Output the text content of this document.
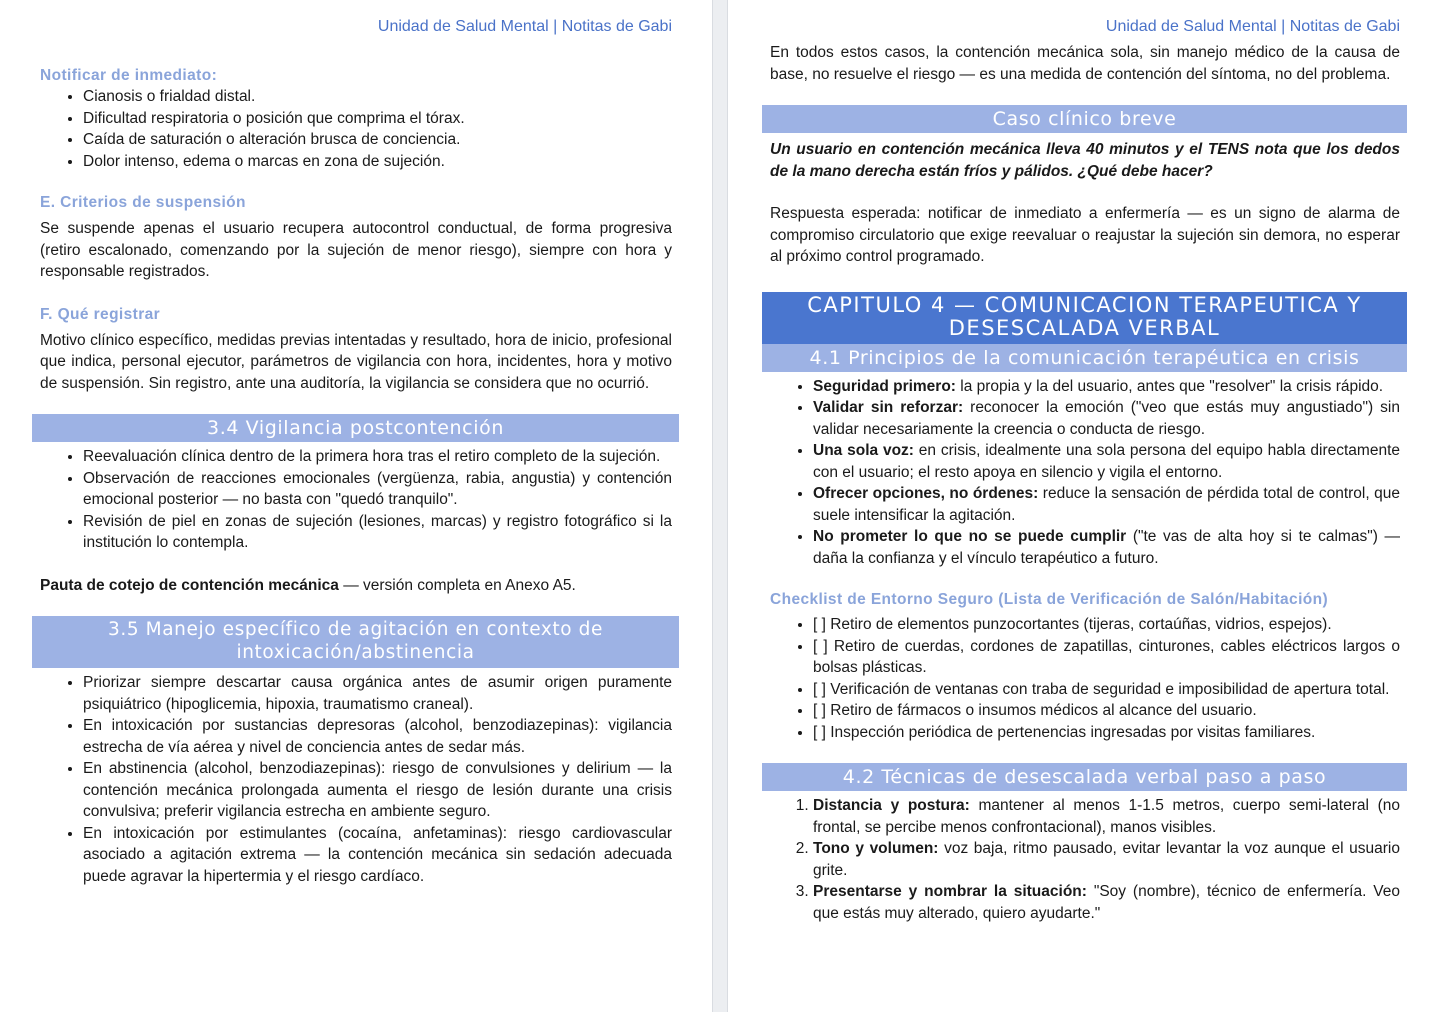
Unidad de Salud Mental | Notitas de Gabi
Notificar de inmediato:
• Cianosis o frialdad distal.
• Dificultad respiratoria o posición que comprima el tórax.
• Caída de saturación o alteración brusca de conciencia.
• Dolor intenso, edema o marcas en zona de sujeción.
E. Criterios de suspensión

Se suspende apenas el usuario recupera autocontrol conductual, de forma progresiva (retiro escalonado, comenzando por la sujeción de menor riesgo), siempre con hora y responsable registrados.

F. Qué registrar

Motivo clínico específico, medidas previas intentadas y resultado, hora de inicio, profesional que indica, personal ejecutor, parámetros de vigilancia con hora, incidentes, hora y motivo de suspensión. Sin registro, ante una auditoría, la vigilancia se considera que no ocurrió.

3.4 Vigilancia postcontención
• Reevaluación clínica dentro de la primera hora tras el retiro completo de la sujeción.
• Observación de reacciones emocionales (vergüenza, rabia, angustia) y contención emocional posterior — no basta con "quedó tranquilo".
• Revisión de piel en zonas de sujeción (lesiones, marcas) y registro fotográfico si la institución lo contempla.

Pauta de cotejo de contención mecánica — versión completa en Anexo A5.

3.5 Manejo específico de agitación en contexto de
intoxicación/abstinencia
• Priorizar siempre descartar causa orgánica antes de asumir origen puramente psiquiátrico (hipoglicemia, hipoxia, traumatismo craneal).
• En intoxicación por sustancias depresoras (alcohol, benzodiazepinas): vigilancia estrecha de vía aérea y nivel de conciencia antes de sedar más.
• En abstinencia (alcohol, benzodiazepinas): riesgo de convulsiones y delirium — la contención mecánica prolongada aumenta el riesgo de lesión durante una crisis convulsiva; preferir vigilancia estrecha en ambiente seguro.
• En intoxicación por estimulantes (cocaína, anfetaminas): riesgo cardiovascular asociado a agitación extrema — la contención mecánica sin sedación adecuada puede agravar la hipertermia y el riesgo cardíaco.
Unidad de Salud Mental | Notitas de Gabi

En todos estos casos, la contención mecánica sola, sin manejo médico de la causa de base, no resuelve el riesgo — es una medida de contención del síntoma, no del problema.

Caso clínico breve

Un usuario en contención mecánica lleva 40 minutos y el TENS nota que los dedos de la mano derecha están fríos y pálidos. ¿Qué debe hacer?

Respuesta esperada: notificar de inmediato a enfermería — es un signo de alarma de compromiso circulatorio que exige reevaluar o reajustar la sujeción sin demora, no esperar al próximo control programado.

CAPITULO 4 — COMUNICACION TERAPEUTICA Y
DESESCALADA VERBAL
4.1 Principios de la comunicación terapéutica en crisis
• Seguridad primero: la propia y la del usuario, antes que "resolver" la crisis rápido.
• Validar sin reforzar: reconocer la emoción ("veo que estás muy angustiado") sin validar necesariamente la creencia o conducta de riesgo.
• Una sola voz: en crisis, idealmente una sola persona del equipo habla directamente con el usuario; el resto apoya en silencio y vigila el entorno.
• Ofrecer opciones, no órdenes: reduce la sensación de pérdida total de control, que suele intensificar la agitación.
• No prometer lo que no se puede cumplir ("te vas de alta hoy si te calmas") — daña la confianza y el vínculo terapéutico a futuro.
Checklist de Entorno Seguro (Lista de Verificación de Salón/Habitación)
• [ ] Retiro de elementos punzocortantes (tijeras, cortaúñas, vidrios, espejos).
• [ ] Retiro de cuerdas, cordones de zapatillas, cinturones, cables eléctricos largos o bolsas plásticas.
• [ ] Verificación de ventanas con traba de seguridad e imposibilidad de apertura total.
• [ ] Retiro de fármacos o insumos médicos al alcance del usuario.
• [ ] Inspección periódica de pertenencias ingresadas por visitas familiares.
4.2 Técnicas de desescalada verbal paso a paso
1. Distancia y postura: mantener al menos 1-1.5 metros, cuerpo semi-lateral (no frontal, se percibe menos confrontacional), manos visibles.
2. Tono y volumen: voz baja, ritmo pausado, evitar levantar la voz aunque el usuario grite.
3. Presentarse y nombrar la situación: "Soy (nombre), técnico de enfermería. Veo que estás muy alterado, quiero ayudarte."
